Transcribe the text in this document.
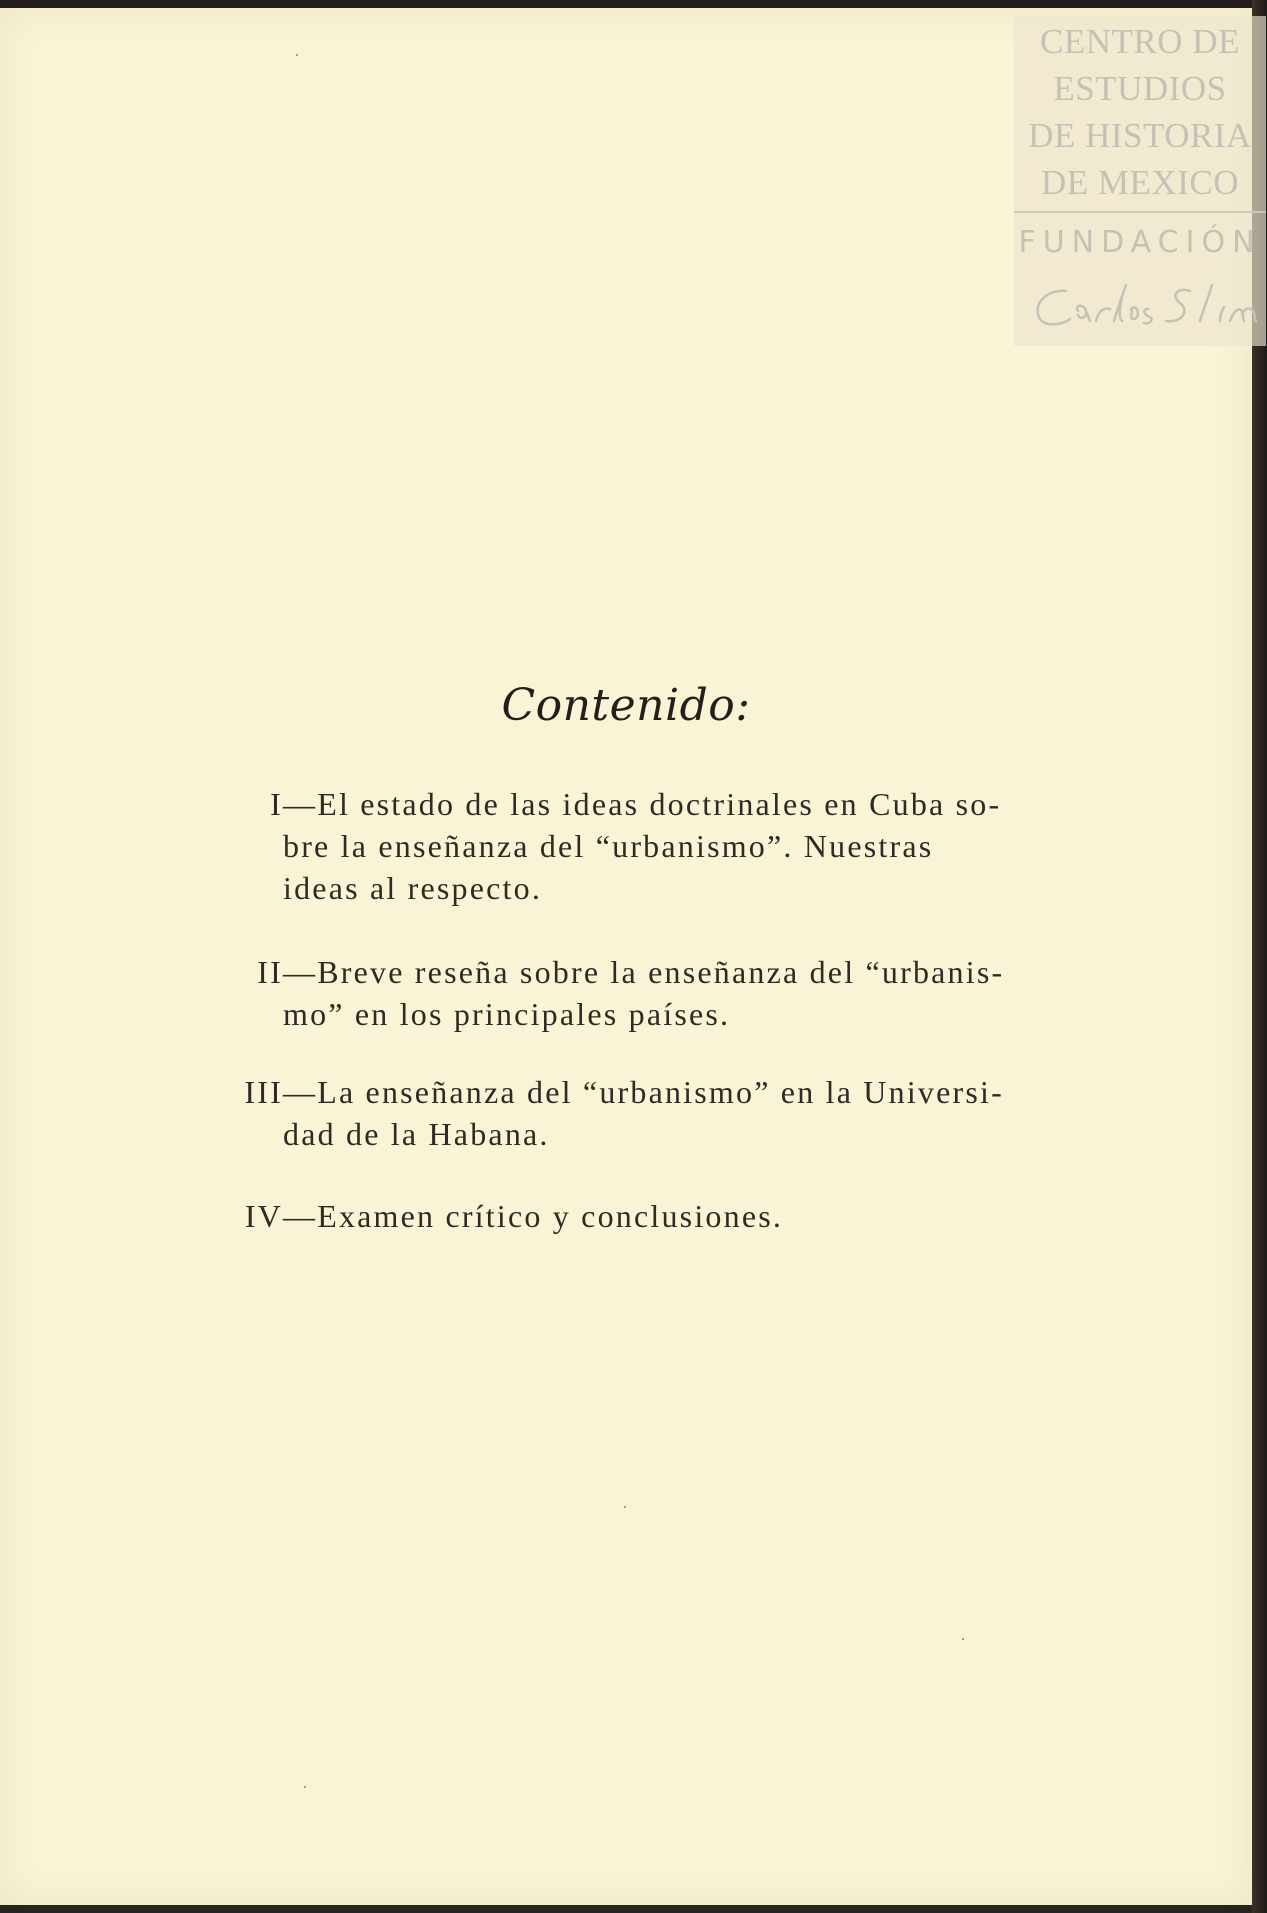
CENTRO DE
ESTUDIOS
DE HISTORIA
DE MEXICO
FUNDACIÓN
Contenido:
I —El estado de las ideas doctrinales en Cuba so-
bre la enseñanza del “urbanismo”. Nuestras
ideas al respecto.
II —Breve reseña sobre la enseñanza del “urbanis-
mo” en los principales países.
III —La enseñanza del “urbanismo” en la Universi-
dad de la Habana.
IV —Examen crítico y conclusiones.
